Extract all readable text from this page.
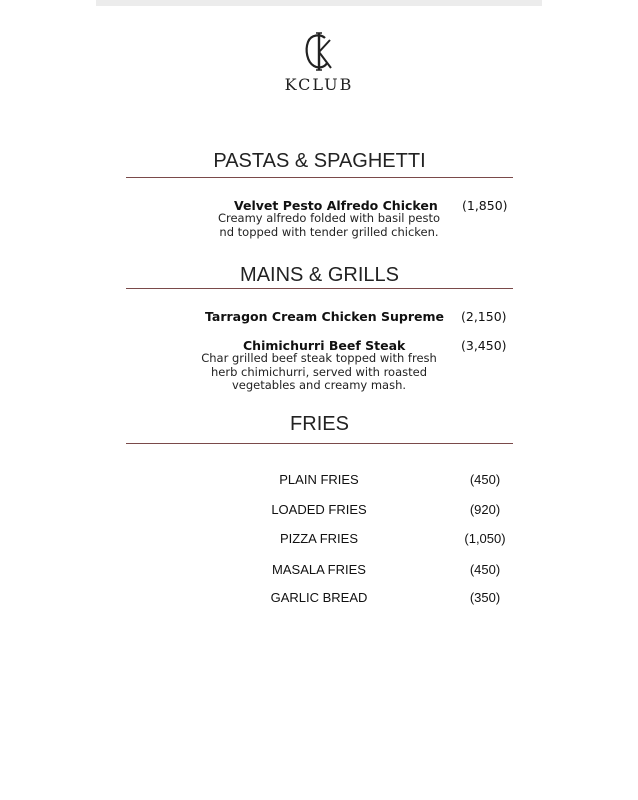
KCLUB
PASTAS & SPAGHETTI
Velvet Pesto Alfredo Chicken (1,850)
Creamy alfredo folded with basil pesto
nd topped with tender grilled chicken.
MAINS & GRILLS
Tarragon Cream Chicken Supreme (2,150)
Chimichurri Beef Steak	(3,450)
Char grilled beef steak topped with fresh
herb chimichurri, served with roasted
vegetables and creamy mash.
FRIES
PLAIN FRIES	(450)
LOADED FRIES	(920)
PIZZA FRIES	(1,050)
MASALA FRIES	(450)
GARLIC BREAD	(350)
